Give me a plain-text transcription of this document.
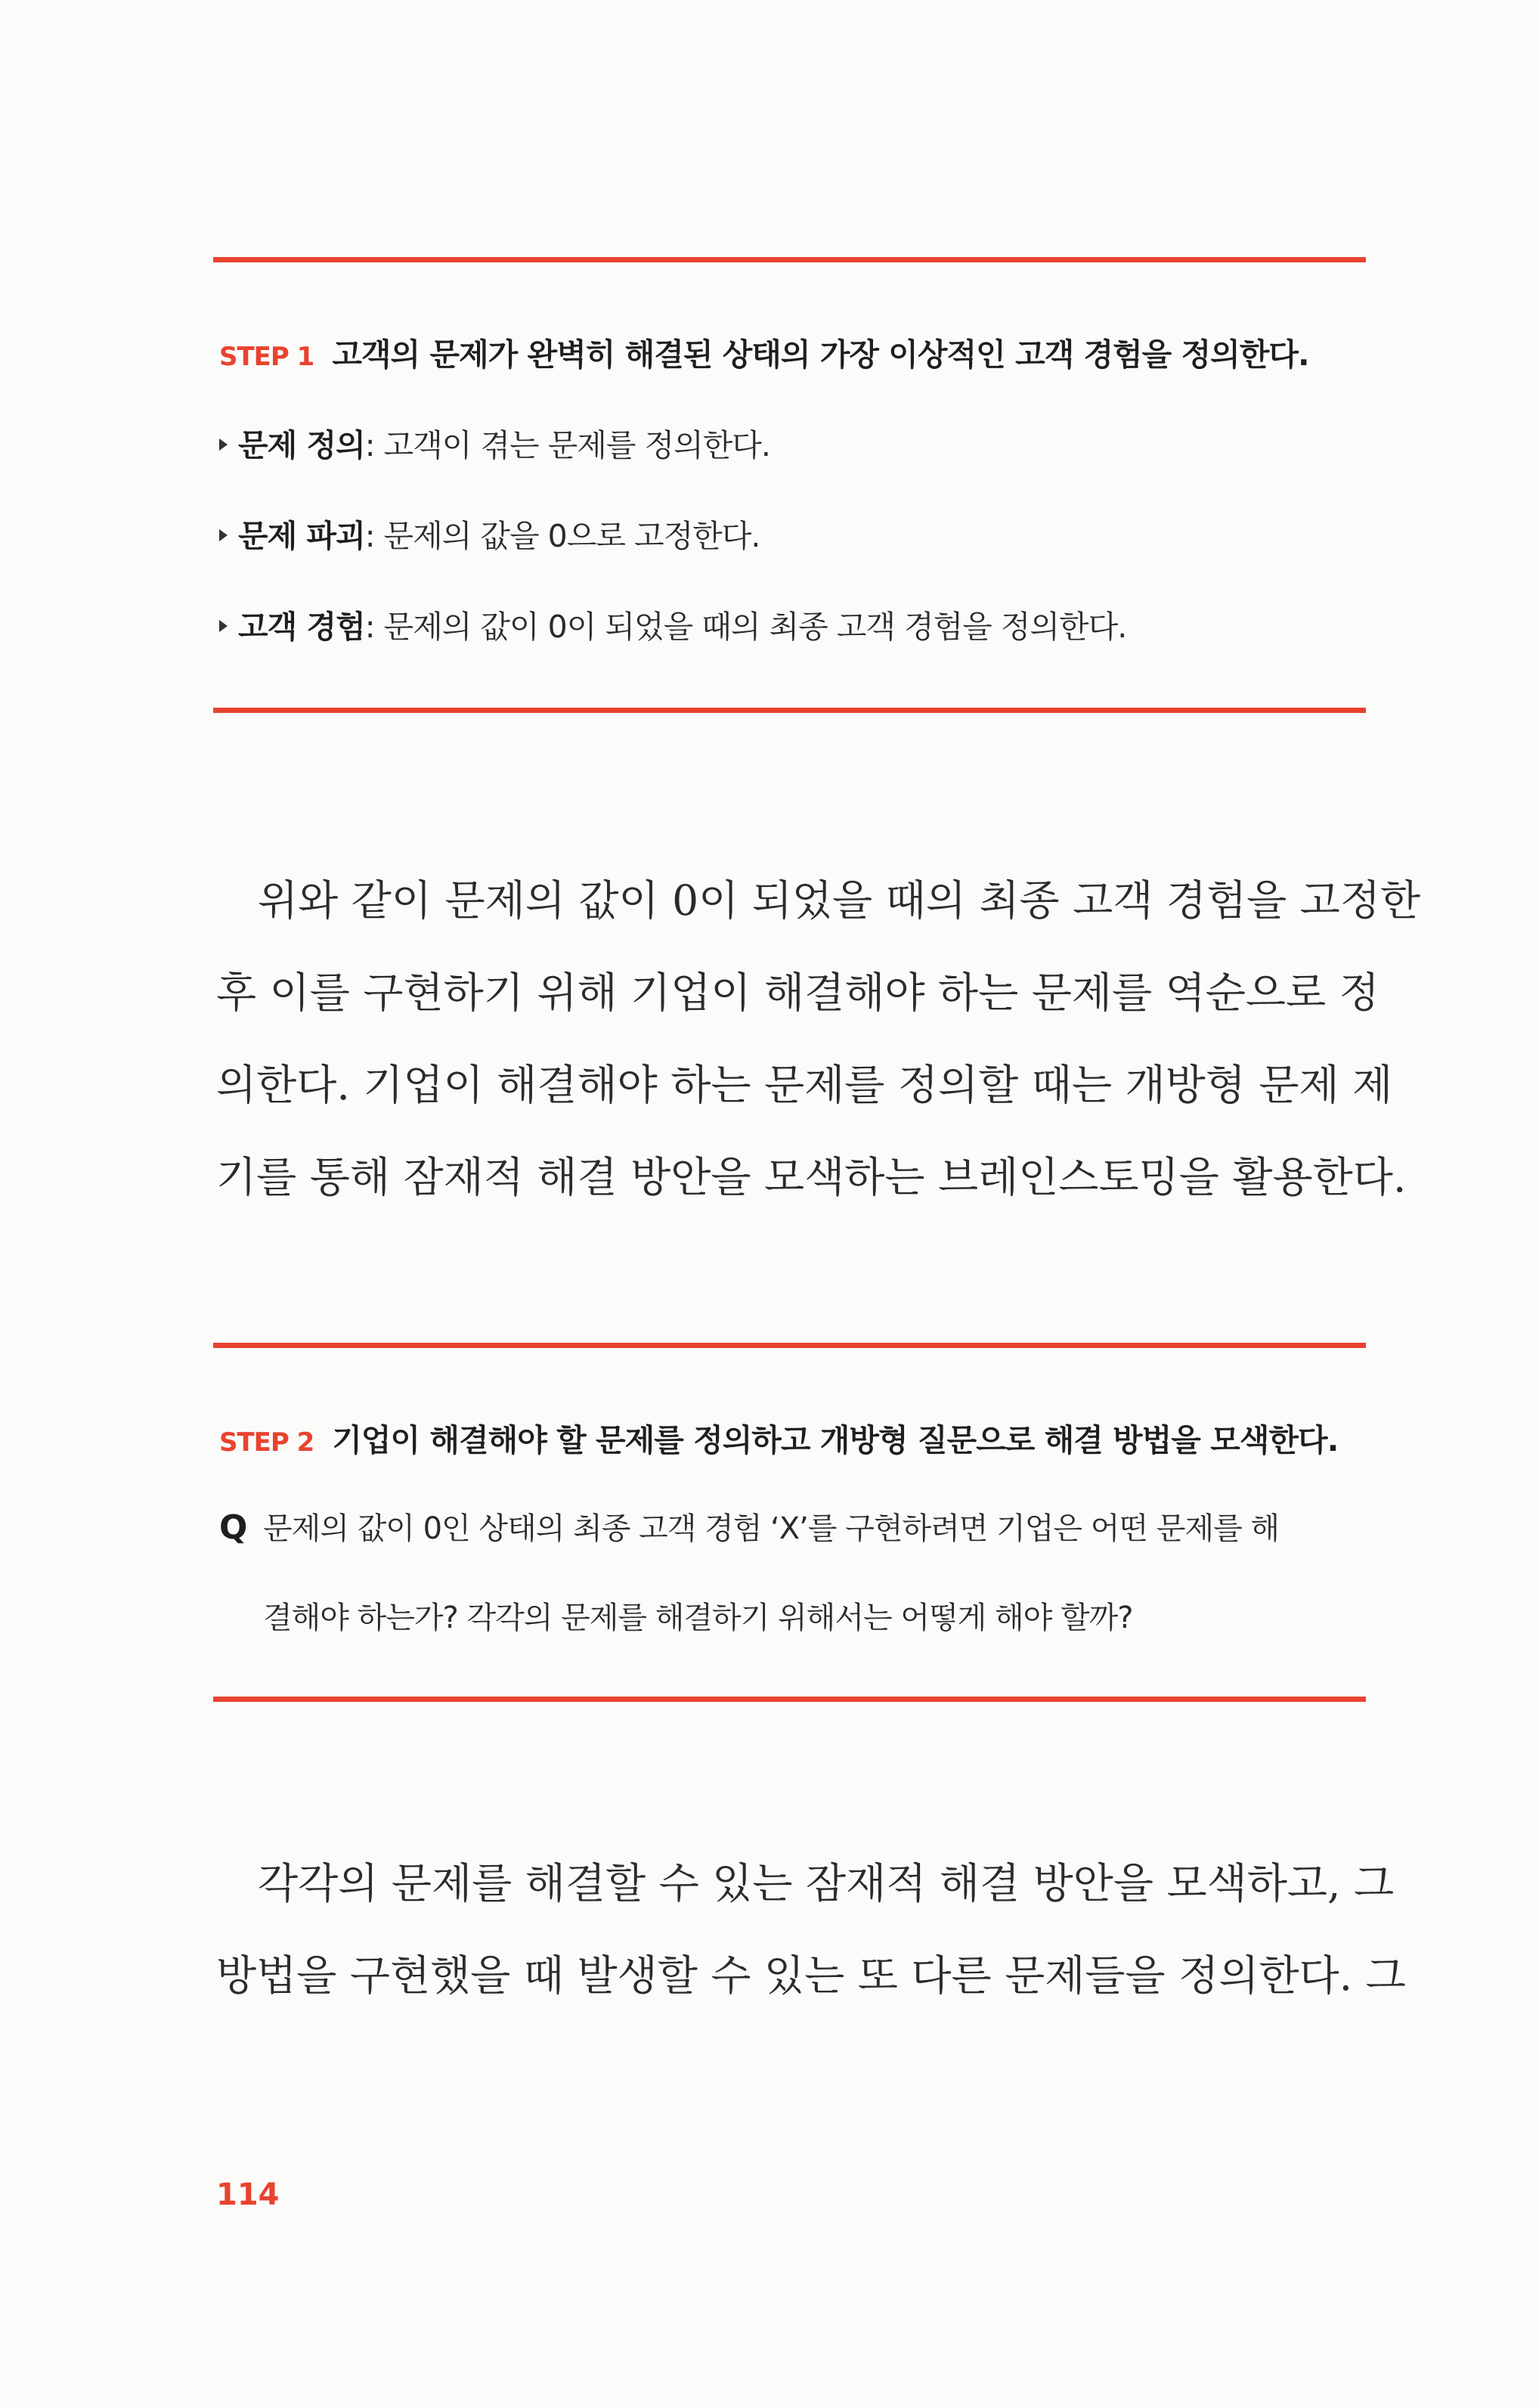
STEP 1 고객의 문제가 완벽히 해결된 상태의 가장 이상적인 고객 경험을 정의한다.
문제 정의: 고객이 겪는 문제를 정의한다.
문제 파괴: 문제의 값을 0으로 고정한다.
고객 경험: 문제의 값이 0이 되었을 때의 최종 고객 경험을 정의한다.
위와 같이 문제의 값이 0이 되었을 때의 최종 고객 경험을 고정한
후 이를 구현하기 위해 기업이 해결해야 하는 문제를 역순으로 정
의한다. 기업이 해결해야 하는 문제를 정의할 때는 개방형 문제 제
기를 통해 잠재적 해결 방안을 모색하는 브레인스토밍을 활용한다.
STEP 2 기업이 해결해야 할 문제를 정의하고 개방형 질문으로 해결 방법을 모색한다.
Q 문제의 값이 0인 상태의 최종 고객 경험 ‘X’를 구현하려면 기업은 어떤 문제를 해
결해야 하는가? 각각의 문제를 해결하기 위해서는 어떻게 해야 할까?
각각의 문제를 해결할 수 있는 잠재적 해결 방안을 모색하고, 그
방법을 구현했을 때 발생할 수 있는 또 다른 문제들을 정의한다. 그
114
